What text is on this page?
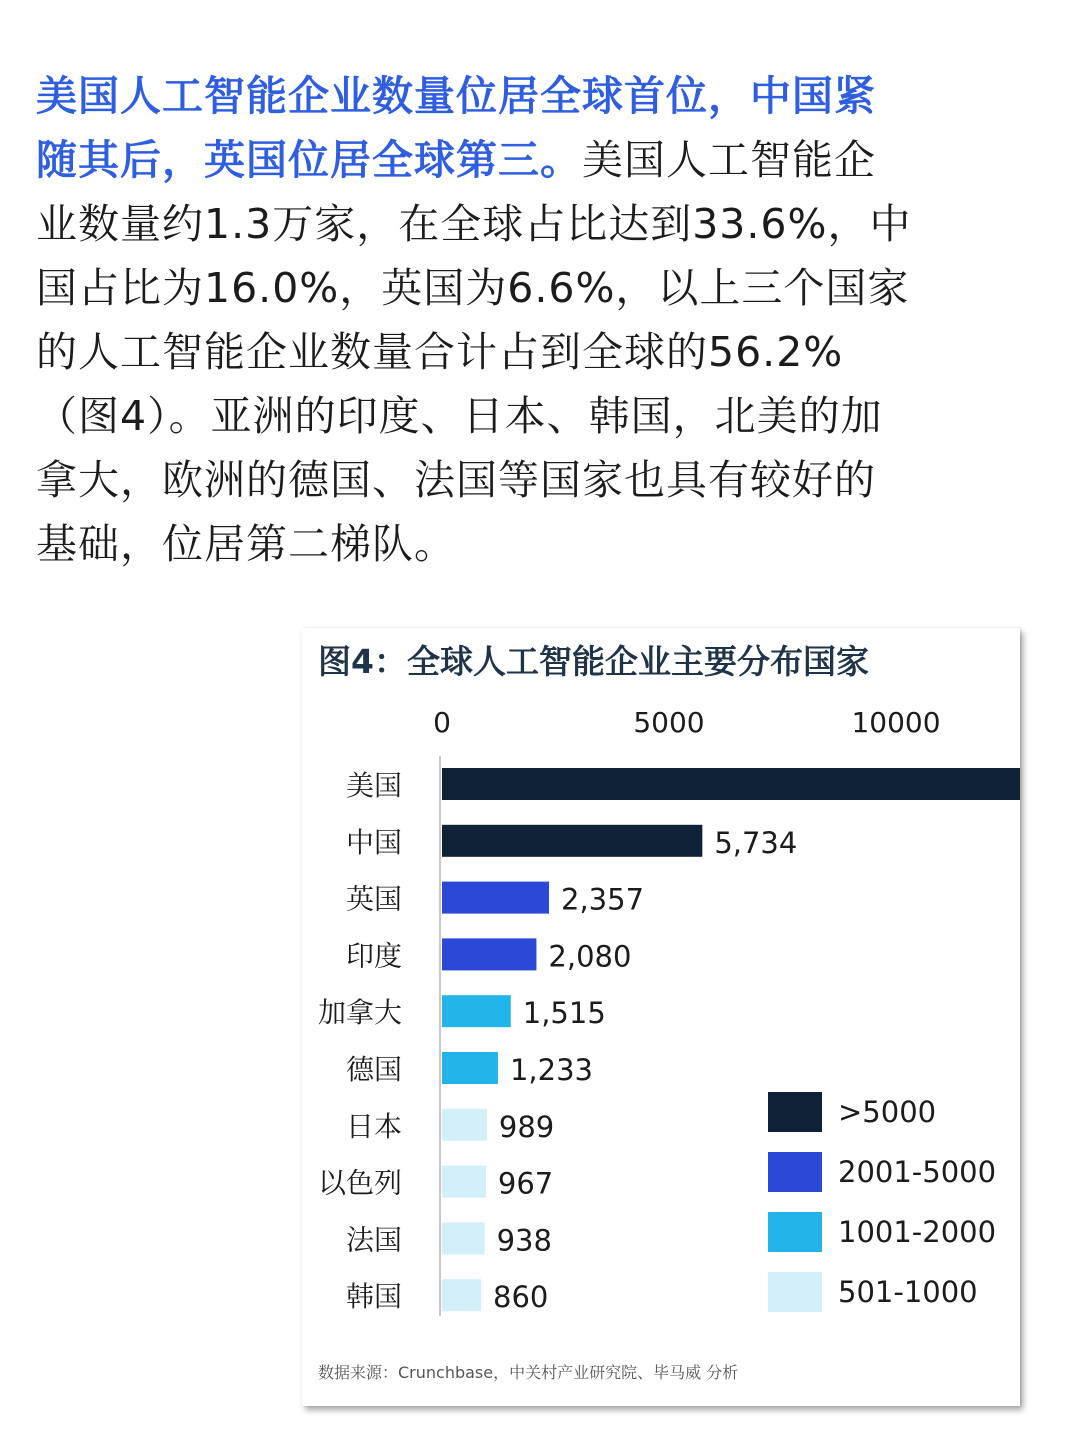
美国人工智能企业数量位居全球首位，中国紧随其后，英国位居全球第三。美国人工智能企业数量约1.3万家，在全球占比达到33.6%，中国占比为16.0%，英国为6.6%，以上三个国家的人工智能企业数量合计占到全球的56.2%（图4）。亚洲的印度、日本、韩国，北美的加拿大，欧洲的德国、法国等国家也具有较好的基础，位居第二梯队。
图4：全球人工智能企业主要分布国家
0	5000	10000
美国
中国	5,734
英国	2,357
印度	2,080
加拿大	1,515
德国	1,233
日本	989
以色列	967
法国	938
韩国	860
>5000
2001-5000
1001-2000
501-1000
数据来源：Crunchbase，中关村产业研究院、毕马威 分析
